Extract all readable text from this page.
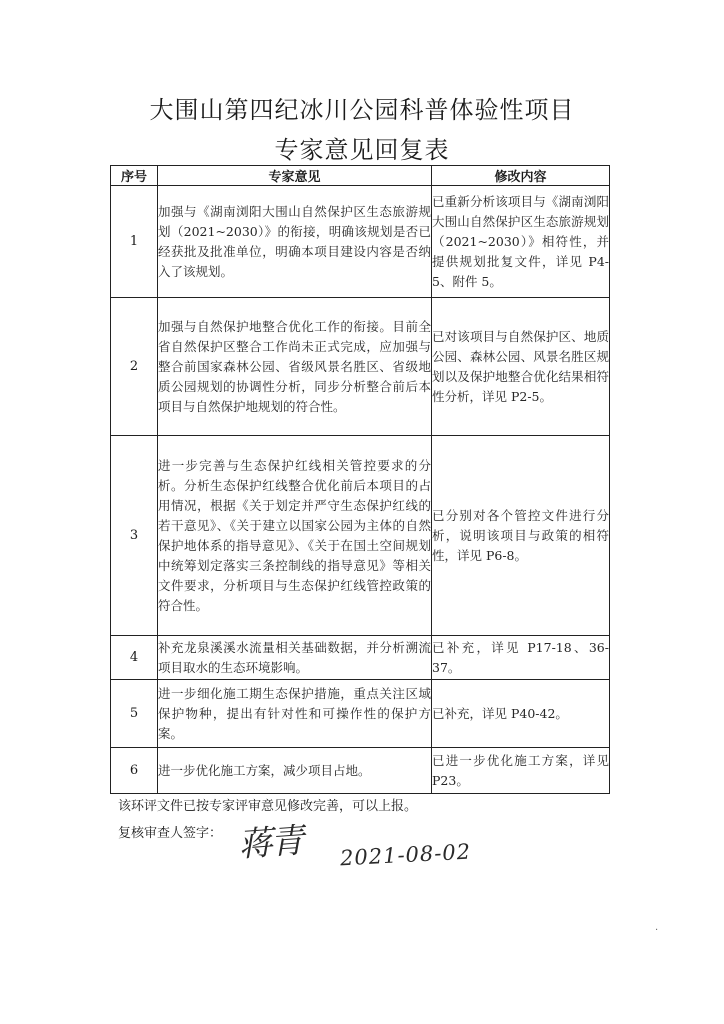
大围山第四纪冰川公园科普体验性项目
专家意见回复表
序号	专家意见	修改内容
1	加强与《湖南浏阳大围山自然保护区生态旅游规划（2021~2030）》的衔接，明确该规划是否已经获批及批准单位，明确本项目建设内容是否纳入了该规划。	已重新分析该项目与《湖南浏阳大围山自然保护区生态旅游规划（2021~2030）》相符性，并提供规划批复文件，详见 P4-5、附件 5。
2	加强与自然保护地整合优化工作的衔接。目前全省自然保护区整合工作尚未正式完成，应加强与整合前国家森林公园、省级风景名胜区、省级地质公园规划的协调性分析，同步分析整合前后本项目与自然保护地规划的符合性。	已对该项目与自然保护区、地质公园、森林公园、风景名胜区规划以及保护地整合优化结果相符性分析，详见 P2-5。
3	进一步完善与生态保护红线相关管控要求的分析。分析生态保护红线整合优化前后本项目的占用情况，根据《关于划定并严守生态保护红线的若干意见》、《关于建立以国家公园为主体的自然保护地体系的指导意见》、《关于在国土空间规划中统筹划定落实三条控制线的指导意见》等相关文件要求，分析项目与生态保护红线管控政策的符合性。	已分别对各个管控文件进行分析，说明该项目与政策的相符性，详见 P6-8。
4	补充龙泉溪溪水流量相关基础数据，并分析溯流项目取水的生态环境影响。	已补充，详见 P17-18、36-37。
5	进一步细化施工期生态保护措施，重点关注区域保护物种，提出有针对性和可操作性的保护方案。	已补充，详见 P40-42。
6	进一步优化施工方案，减少项目占地。	已进一步优化施工方案，详见 P23。
该环评文件已按专家评审意见修改完善，可以上报。
复核审查人签字： 蒋青 2021-08-02
·
